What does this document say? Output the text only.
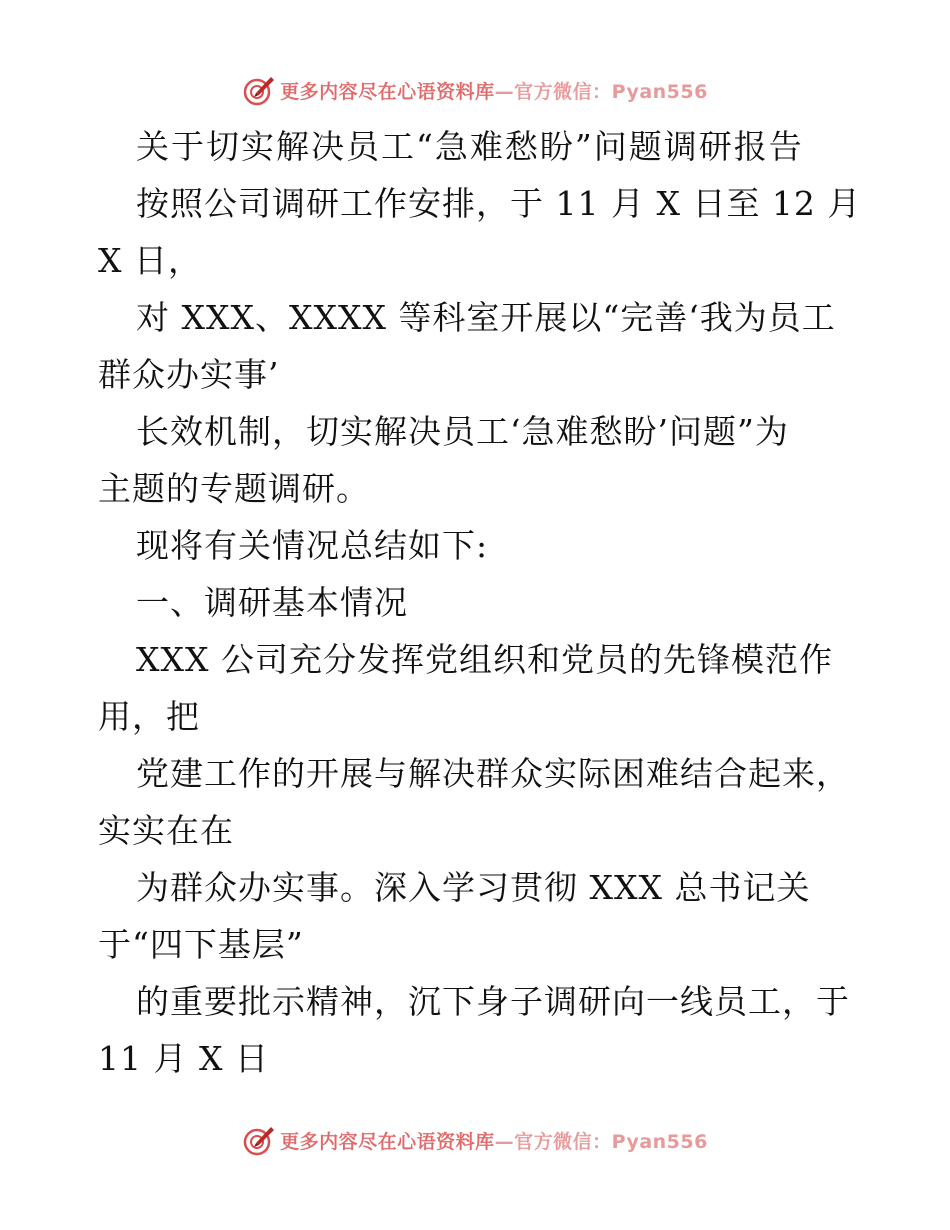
更多内容尽在心语资料库 —官方微信：Pyan556
关于切实解决员工“急难愁盼”问题调研报告
按照公司调研工作安排，于 11 月 X 日至 12 月
X 日，
对 XXX、XXXX 等科室开展以“完善‘我为员工
群众办实事’
长效机制，切实解决员工‘急难愁盼’问题”为
主题的专题调研。
现将有关情况总结如下:
一、调研基本情况
XXX 公司充分发挥党组织和党员的先锋模范作
用，把
党建工作的开展与解决群众实际困难结合起来，
实实在在
为群众办实事。深入学习贯彻 XXX 总书记关
于“四下基层”
的重要批示精神，沉下身子调研向一线员工，于
11 月 X 日
更多内容尽在心语资料库 —官方微信：Pyan556
